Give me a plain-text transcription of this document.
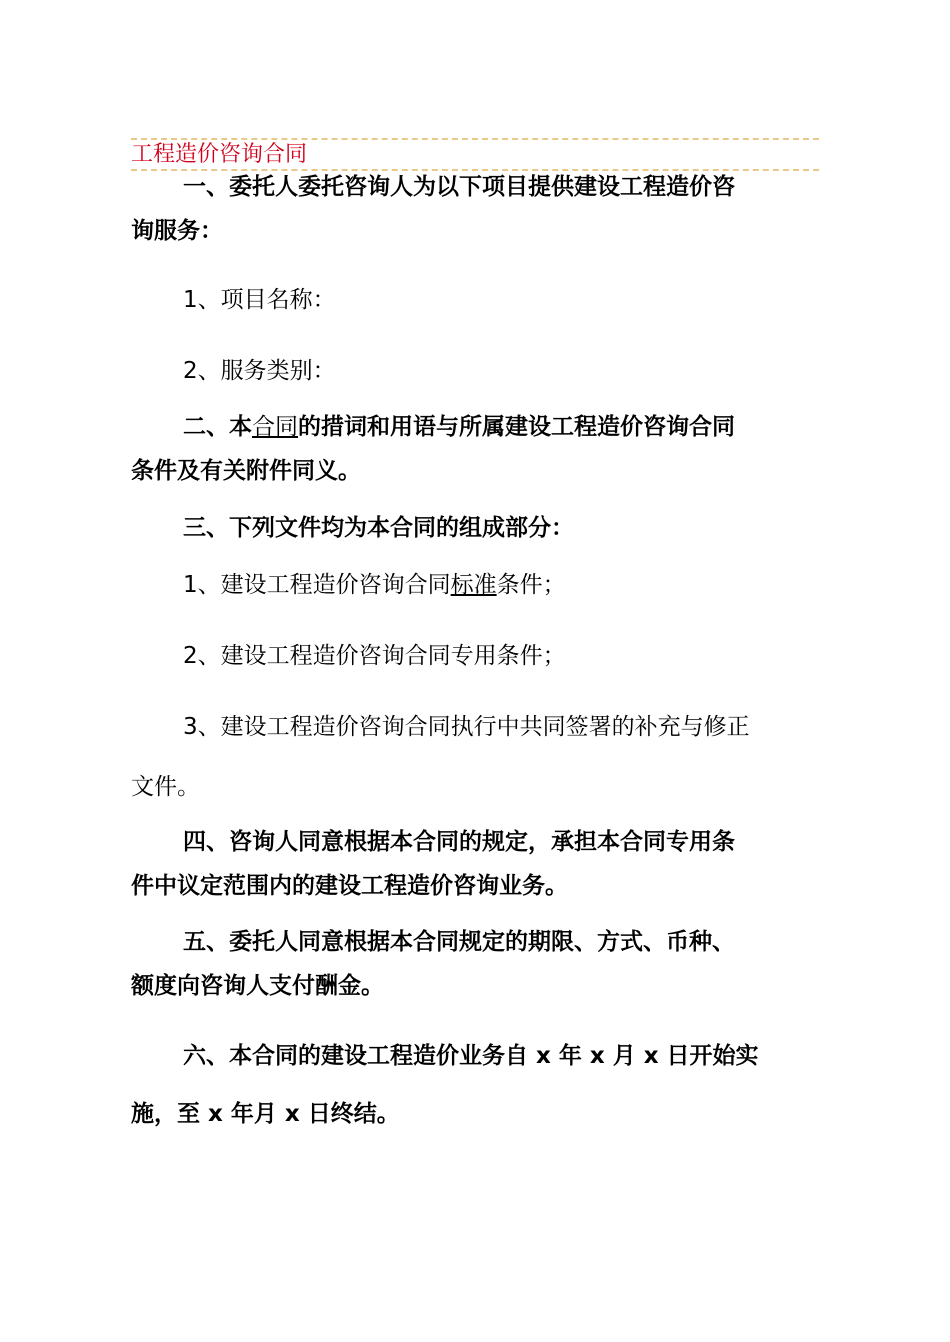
工程造价咨询合同
一、委托人委托咨询人为以下项目提供建设工程造价咨
询服务：
1、项目名称：
2、服务类别：
二、本合同的措词和用语与所属建设工程造价咨询合同
条件及有关附件同义。
三、下列文件均为本合同的组成部分：
1、建设工程造价咨询合同标准条件；
2、建设工程造价咨询合同专用条件；
3、建设工程造价咨询合同执行中共同签署的补充与修正
文件。
四、咨询人同意根据本合同的规定，承担本合同专用条
件中议定范围内的建设工程造价咨询业务。
五、委托人同意根据本合同规定的期限、方式、币种、
额度向咨询人支付酬金。
六、本合同的建设工程造价业务自 x 年 x 月 x 日开始实
施，至 x 年月 x 日终结。
